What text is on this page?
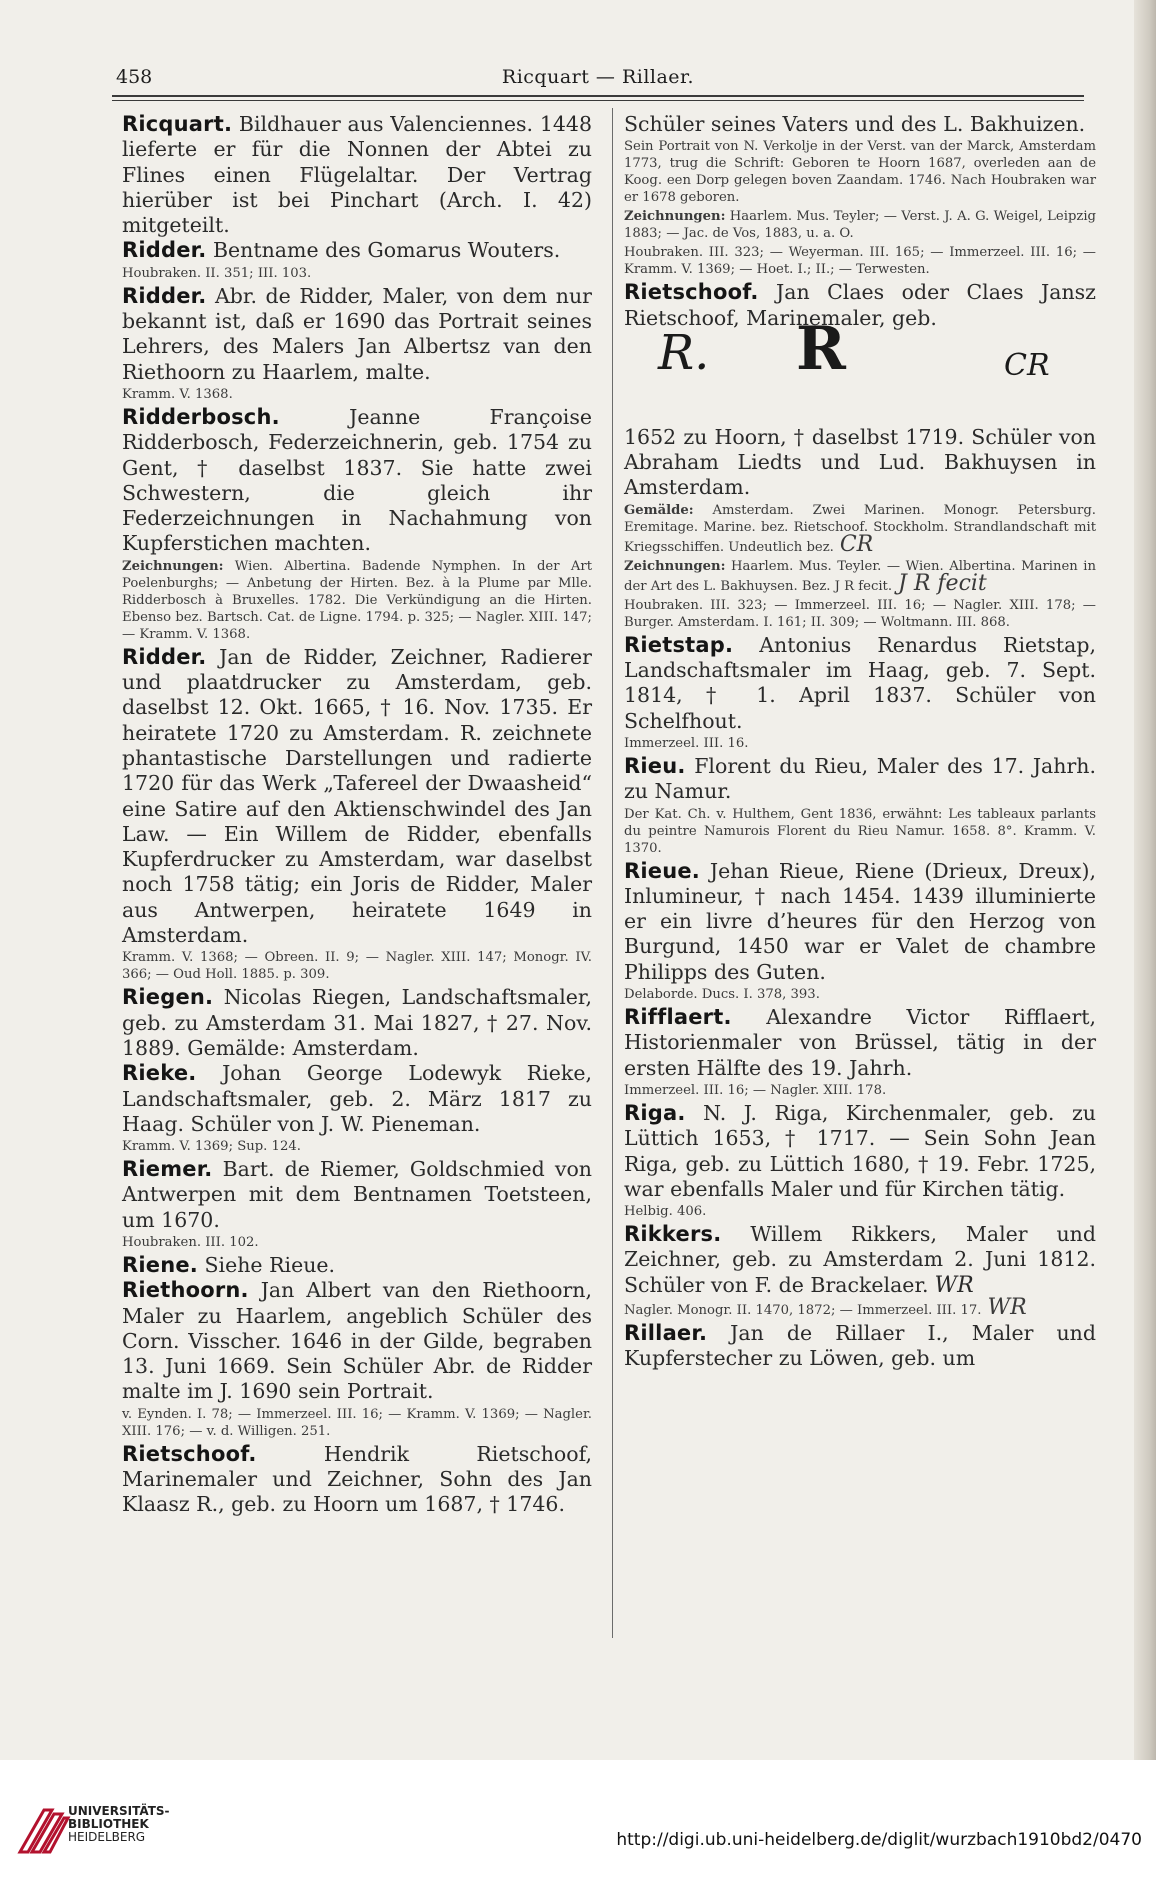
458	Ricquart — Rillaer.

Ricquart. Bildhauer aus Valenciennes. 1448 lieferte er für die Nonnen der Abtei zu Flines einen Flügelaltar. Der Vertrag hierüber ist bei Pinchart (Arch. I. 42) mitgeteilt.

Ridder. Bentname des Gomarus Wouters.

Houbraken. II. 351; III. 103.

Ridder. Abr. de Ridder, Maler, von dem nur bekannt ist, daß er 1690 das Portrait seines Lehrers, des Malers Jan Albertsz van den Riethoorn zu Haarlem, malte.

Kramm. V. 1368.

Ridderbosch. Jeanne Françoise Ridderbosch, Federzeichnerin, geb. 1754 zu Gent, † daselbst 1837. Sie hatte zwei Schwestern, die gleich ihr Federzeichnungen in Nachahmung von Kupferstichen machten.

Zeichnungen: Wien. Albertina. Badende Nymphen. In der Art Poelenburghs; — Anbetung der Hirten. Bez. à la Plume par Mlle. Ridderbosch à Bruxelles. 1782. Die Verkündigung an die Hirten. Ebenso bez. Bartsch. Cat. de Ligne. 1794. p. 325; — Nagler. XIII. 147; — Kramm. V. 1368.

Ridder. Jan de Ridder, Zeichner, Radierer und plaatdrucker zu Amsterdam, geb. daselbst 12. Okt. 1665, † 16. Nov. 1735. Er heiratete 1720 zu Amsterdam. R. zeichnete phantastische Darstellungen und radierte 1720 für das Werk „Tafereel der Dwaasheid“ eine Satire auf den Aktienschwindel des Jan Law. — Ein Willem de Ridder, ebenfalls Kupferdrucker zu Amsterdam, war daselbst noch 1758 tätig; ein Joris de Ridder, Maler aus Antwerpen, heiratete 1649 in Amsterdam.

Kramm. V. 1368; — Obreen. II. 9; — Nagler. XIII. 147; Monogr. IV. 366; — Oud Holl. 1885. p. 309.

Riegen. Nicolas Riegen, Landschaftsmaler, geb. zu Amsterdam 31. Mai 1827, † 27. Nov. 1889. Gemälde: Amsterdam.

Rieke. Johan George Lodewyk Rieke, Landschaftsmaler, geb. 2. März 1817 zu Haag. Schüler von J. W. Pieneman.

Kramm. V. 1369; Sup. 124.

Riemer. Bart. de Riemer, Goldschmied von Antwerpen mit dem Bentnamen Toetsteen, um 1670.

Houbraken. III. 102.

Riene. Siehe Rieue.

Riethoorn. Jan Albert van den Riethoorn, Maler zu Haarlem, angeblich Schüler des Corn. Visscher. 1646 in der Gilde, begraben 13. Juni 1669. Sein Schüler Abr. de Ridder malte im J. 1690 sein Portrait.

v. Eynden. I. 78; — Immerzeel. III. 16; — Kramm. V. 1369; — Nagler. XIII. 176; — v. d. Willigen. 251.

Rietschoof. Hendrik Rietschoof, Marinemaler und Zeichner, Sohn des Jan Klaasz R., geb. zu Hoorn um 1687, † 1746.

Schüler seines Vaters und des L. Bakhuizen.

Sein Portrait von N. Verkolje in der Verst. van der Marck, Amsterdam 1773, trug die Schrift: Geboren te Hoorn 1687, overleden aan de Koog. een Dorp gelegen boven Zaandam. 1746. Nach Houbraken war er 1678 geboren.

Zeichnungen: Haarlem. Mus. Teyler; — Verst. J. A. G. Weigel, Leipzig 1883; — Jac. de Vos, 1883, u. a. O.

Houbraken. III. 323; — Weyerman. III. 165; — Immerzeel. III. 16; — Kramm. V. 1369; — Hoet. I.; II.; — Terwesten.

Rietschoof. Jan Claes oder Claes Jansz Rietschoof, Marinemaler, geb.

R. R	CR

1652 zu Hoorn, † daselbst 1719. Schüler von Abraham Liedts und Lud. Bakhuysen in Amsterdam.

Gemälde: Amsterdam. Zwei Marinen. Monogr. Petersburg. Eremitage. Marine. bez. Rietschoof. Stockholm. Strandlandschaft mit Kriegsschiffen. Undeutlich bez. CR

Zeichnungen: Haarlem. Mus. Teyler. — Wien. Albertina. Marinen in der Art des L. Bakhuysen. Bez. J R fecit. J R fecit

Houbraken. III. 323; — Immerzeel. III. 16; — Nagler. XIII. 178; — Burger. Amsterdam. I. 161; II. 309; — Woltmann. III. 868.

Rietstap. Antonius Renardus Rietstap, Landschaftsmaler im Haag, geb. 7. Sept. 1814, † 1. April 1837. Schüler von Schelfhout.

Immerzeel. III. 16.

Rieu. Florent du Rieu, Maler des 17. Jahrh. zu Namur.

Der Kat. Ch. v. Hulthem, Gent 1836, erwähnt: Les tableaux parlants du peintre Namurois Florent du Rieu Namur. 1658. 8°. Kramm. V. 1370.

Rieue. Jehan Rieue, Riene (Drieux, Dreux), Inlumineur, † nach 1454. 1439 illuminierte er ein livre d’heures für den Herzog von Burgund, 1450 war er Valet de chambre Philipps des Guten.

Delaborde. Ducs. I. 378, 393.

Rifflaert. Alexandre Victor Rifflaert, Historienmaler von Brüssel, tätig in der ersten Hälfte des 19. Jahrh.

Immerzeel. III. 16; — Nagler. XIII. 178.

Riga. N. J. Riga, Kirchenmaler, geb. zu Lüttich 1653, † 1717. — Sein Sohn Jean Riga, geb. zu Lüttich 1680, † 19. Febr. 1725, war ebenfalls Maler und für Kirchen tätig.

Helbig. 406.

Rikkers. Willem Rikkers, Maler und Zeichner, geb. zu Amsterdam 2. Juni 1812. Schüler von F. de Brackelaer. WR

Nagler. Monogr. II. 1470, 1872; — Immerzeel. III. 17. WR

Rillaer. Jan de Rillaer I., Maler und Kupferstecher zu Löwen, geb. um

UNIVERSITÄTS-
BIBLIOTHEK
HEIDELBERG	http://digi.ub.uni-heidelberg.de/diglit/wurzbach1910bd2/0470
